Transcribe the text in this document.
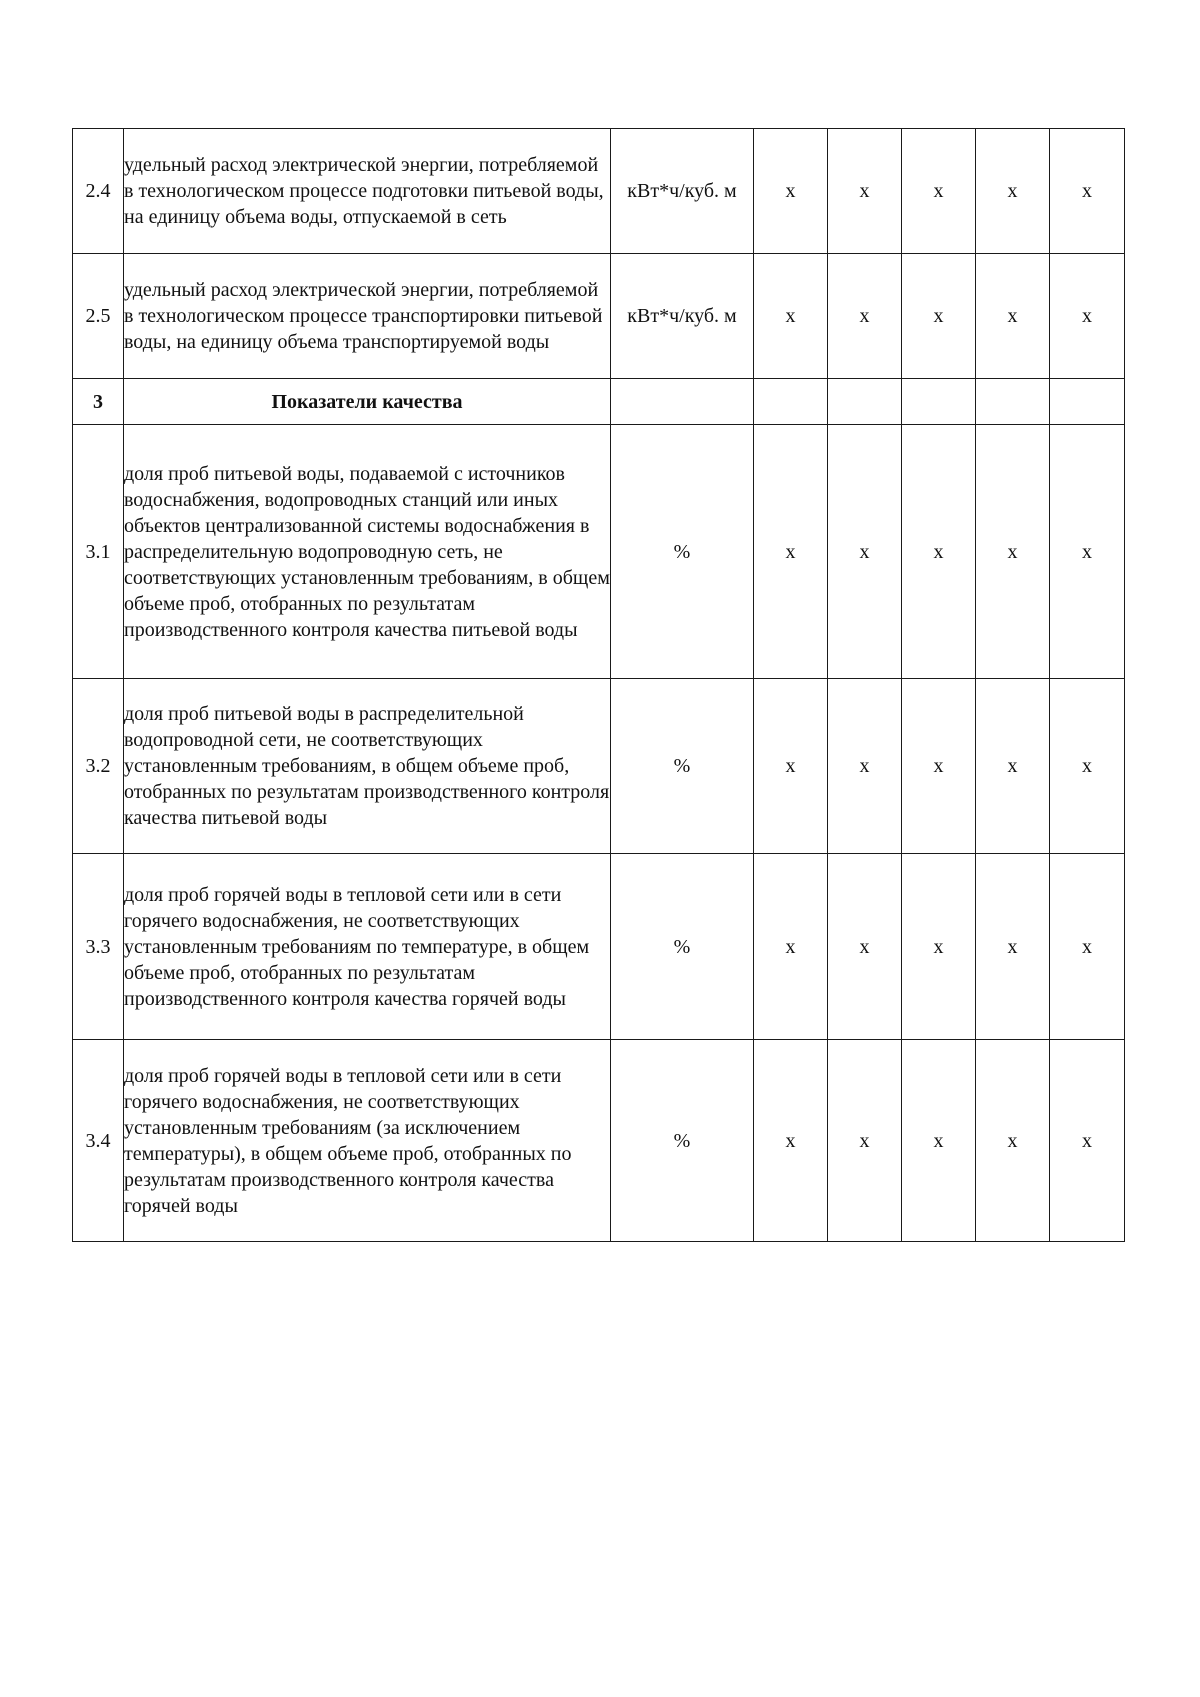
2.4	удельный расход электрической энергии, потребляемой в технологическом процессе подготовки питьевой воды, на единицу объема воды, отпускаемой в сеть	кВт*ч/куб. м	x	x	x	x	x
2.5	удельный расход электрической энергии, потребляемой в технологическом процессе транспортировки питьевой воды, на единицу объема транспортируемой воды	кВт*ч/куб. м	x	x	x	x	x
3	Показатели качества						
3.1	доля проб питьевой воды, подаваемой с источников водоснабжения, водопроводных станций или иных объектов централизованной системы водоснабжения в распределительную водопроводную сеть, не соответствующих установленным требованиям, в общем объеме проб, отобранных по результатам производственного контроля качества питьевой воды	%	x	x	x	x	x
3.2	доля проб питьевой воды в распределительной водопроводной сети, не соответствующих установленным требованиям, в общем объеме проб, отобранных по результатам производственного контроля качества питьевой воды	%	x	x	x	x	x
3.3	доля проб горячей воды в тепловой сети или в сети горячего водоснабжения, не соответствующих установленным требованиям по температуре, в общем объеме проб, отобранных по результатам производственного контроля качества горячей воды	%	x	x	x	x	x
3.4	доля проб горячей воды в тепловой сети или в сети горячего водоснабжения, не соответствующих установленным требованиям (за исключением температуры), в общем объеме проб, отобранных по результатам производственного контроля качества горячей воды	%	x	x	x	x	x
